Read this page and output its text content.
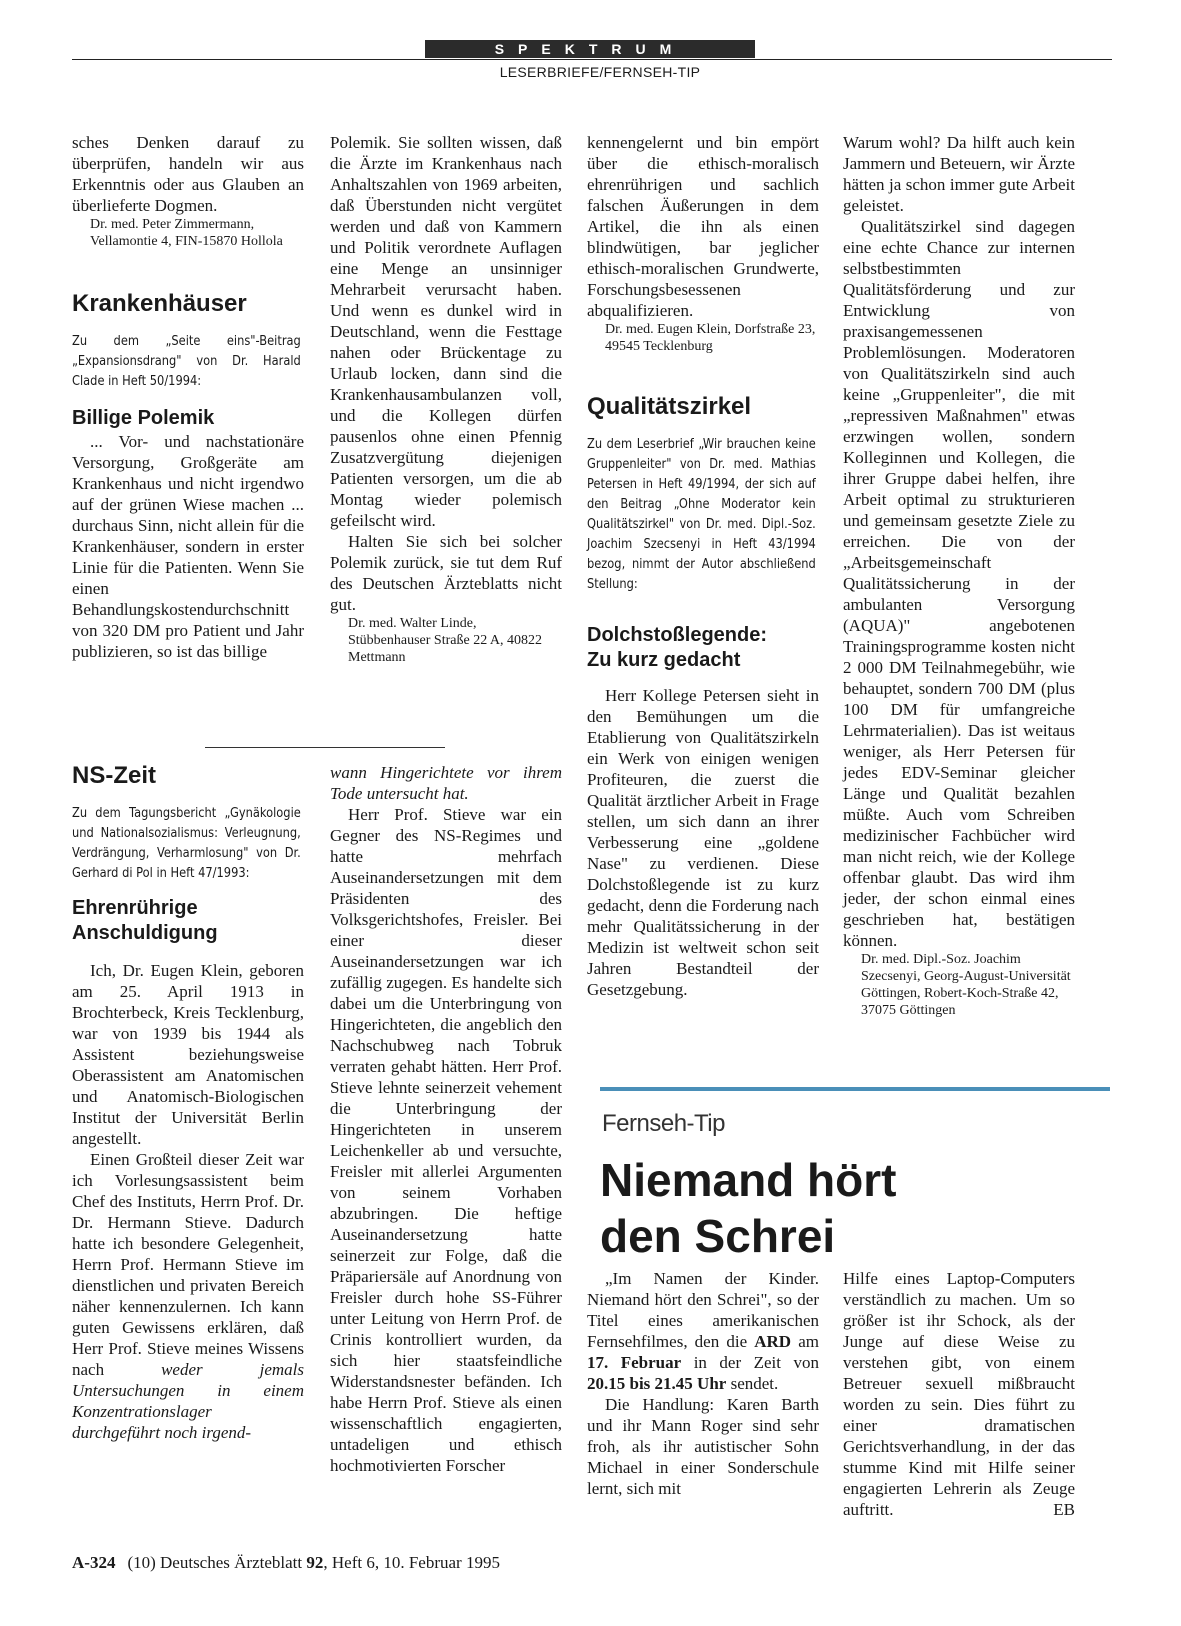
SPEKTRUM
LESERBRIEFE/FERNSEH-TIP

sches Denken darauf zu überprüfen, handeln wir aus Erkenntnis oder aus Glauben an überlieferte Dogmen.

Dr. med. Peter Zimmermann, Vellamontie 4, FIN-15870 Hollola

Krankenhäuser

Zu dem „Seite eins"-Beitrag „Expansionsdrang" von Dr. Harald Clade in Heft 50/1994:

Billige Polemik

... Vor- und nachstationäre Versorgung, Großgeräte am Krankenhaus und nicht irgendwo auf der grünen Wiese machen ... durchaus Sinn, nicht allein für die Krankenhäuser, sondern in erster Linie für die Patienten. Wenn Sie einen Behandlungskostendurchschnitt von 320 DM pro Patient und Jahr publizieren, so ist das billige

Polemik. Sie sollten wissen, daß die Ärzte im Krankenhaus nach Anhaltszahlen von 1969 arbeiten, daß Überstunden nicht vergütet werden und daß von Kammern und Politik verordnete Auflagen eine Menge an unsinniger Mehrarbeit verursacht haben. Und wenn es dunkel wird in Deutschland, wenn die Festtage nahen oder Brückentage zu Urlaub locken, dann sind die Krankenhausambulanzen voll, und die Kollegen dürfen pausenlos ohne einen Pfennig Zusatzvergütung diejenigen Patienten versorgen, um die ab Montag wieder polemisch gefeilscht wird.

Halten Sie sich bei solcher Polemik zurück, sie tut dem Ruf des Deutschen Ärzteblatts nicht gut.

Dr. med. Walter Linde, Stübbenhauser Straße 22 A, 40822 Mettmann

NS-Zeit

Zu dem Tagungsbericht „Gynäkologie und Nationalsozialismus: Verleugnung, Verdrängung, Verharmlosung" von Dr. Gerhard di Pol in Heft 47/1993:

Ehrenrührige
Anschuldigung

Ich, Dr. Eugen Klein, geboren am 25. April 1913 in Brochterbeck, Kreis Tecklenburg, war von 1939 bis 1944 als Assistent beziehungsweise Oberassistent am Anatomischen und Anatomisch-Biologischen Institut der Universität Berlin angestellt.

Einen Großteil dieser Zeit war ich Vorlesungsassistent beim Chef des Instituts, Herrn Prof. Dr. Dr. Hermann Stieve. Dadurch hatte ich besondere Gelegenheit, Herrn Prof. Hermann Stieve im dienstlichen und privaten Bereich näher kennenzulernen. Ich kann guten Gewissens erklären, daß Herr Prof. Stieve meines Wissens nach weder jemals Untersuchungen in einem Konzentrationslager durchgeführt noch irgend-

wann Hingerichtete vor ihrem Tode untersucht hat.

Herr Prof. Stieve war ein Gegner des NS-Regimes und hatte mehrfach Auseinandersetzungen mit dem Präsidenten des Volksgerichtshofes, Freisler. Bei einer dieser Auseinandersetzungen war ich zufällig zugegen. Es handelte sich dabei um die Unterbringung von Hingerichteten, die angeblich den Nachschubweg nach Tobruk verraten gehabt hätten. Herr Prof. Stieve lehnte seinerzeit vehement die Unterbringung der Hingerichteten in unserem Leichenkeller ab und versuchte, Freisler mit allerlei Argumenten von seinem Vorhaben abzubringen. Die heftige Auseinandersetzung hatte seinerzeit zur Folge, daß die Präpariersäle auf Anordnung von Freisler durch hohe SS-Führer unter Leitung von Herrn Prof. de Crinis kontrolliert wurden, da sich hier staatsfeindliche Widerstandsnester befänden. Ich habe Herrn Prof. Stieve als einen wissenschaftlich engagierten, untadeligen und ethisch hochmotivierten Forscher

kennengelernt und bin empört über die ethisch-moralisch ehrenrührigen und sachlich falschen Äußerungen in dem Artikel, die ihn als einen blindwütigen, bar jeglicher ethisch-moralischen Grundwerte, Forschungsbesessenen abqualifizieren.

Dr. med. Eugen Klein, Dorfstraße 23, 49545 Tecklenburg

Qualitätszirkel

Zu dem Leserbrief „Wir brauchen keine Gruppenleiter" von Dr. med. Mathias Petersen in Heft 49/1994, der sich auf den Beitrag „Ohne Moderator kein Qualitätszirkel" von Dr. med. Dipl.-Soz. Joachim Szecsenyi in Heft 43/1994 bezog, nimmt der Autor abschließend Stellung:

Dolchstoßlegende:
Zu kurz gedacht

Herr Kollege Petersen sieht in den Bemühungen um die Etablierung von Qualitätszirkeln ein Werk von einigen wenigen Profiteuren, die zuerst die Qualität ärztlicher Arbeit in Frage stellen, um sich dann an ihrer Verbesserung eine „goldene Nase" zu verdienen. Diese Dolchstoßlegende ist zu kurz gedacht, denn die Forderung nach mehr Qualitätssicherung in der Medizin ist weltweit schon seit Jahren Bestandteil der Gesetzgebung.

Warum wohl? Da hilft auch kein Jammern und Beteuern, wir Ärzte hätten ja schon immer gute Arbeit geleistet.

Qualitätszirkel sind dagegen eine echte Chance zur internen selbstbestimmten Qualitätsförderung und zur Entwicklung von praxisangemessenen Problemlösungen. Moderatoren von Qualitätszirkeln sind auch keine „Gruppenleiter", die mit „repressiven Maßnahmen" etwas erzwingen wollen, sondern Kolleginnen und Kollegen, die ihrer Gruppe dabei helfen, ihre Arbeit optimal zu strukturieren und gemeinsam gesetzte Ziele zu erreichen. Die von der „Arbeitsgemeinschaft Qualitätssicherung in der ambulanten Versorgung (AQUA)" angebotenen Trainingsprogramme kosten nicht 2 000 DM Teilnahmegebühr, wie behauptet, sondern 700 DM (plus 100 DM für umfangreiche Lehrmaterialien). Das ist weitaus weniger, als Herr Petersen für jedes EDV-Seminar gleicher Länge und Qualität bezahlen müßte. Auch vom Schreiben medizinischer Fachbücher wird man nicht reich, wie der Kollege offenbar glaubt. Das wird ihm jeder, der schon einmal eines geschrieben hat, bestätigen können.

Dr. med. Dipl.-Soz. Joachim Szecsenyi, Georg-August-Universität Göttingen, Robert-Koch-Straße 42, 37075 Göttingen

Fernseh-Tip
Niemand hört
den Schrei

„Im Namen der Kinder. Niemand hört den Schrei", so der Titel eines amerikanischen Fernsehfilmes, den die ARD am 17. Februar in der Zeit von 20.15 bis 21.45 Uhr sendet.

Die Handlung: Karen Barth und ihr Mann Roger sind sehr froh, als ihr autistischer Sohn Michael in einer Sonderschule lernt, sich mit

Hilfe eines Laptop-Computers verständlich zu machen. Um so größer ist ihr Schock, als der Junge auf diese Weise zu verstehen gibt, von einem Betreuer sexuell mißbraucht worden zu sein. Dies führt zu einer dramatischen Gerichtsverhandlung, in der das stumme Kind mit Hilfe seiner engagierten Lehrerin als Zeuge auftritt.	EB

A-324 (10) Deutsches Ärzteblatt 92, Heft 6, 10. Februar 1995
